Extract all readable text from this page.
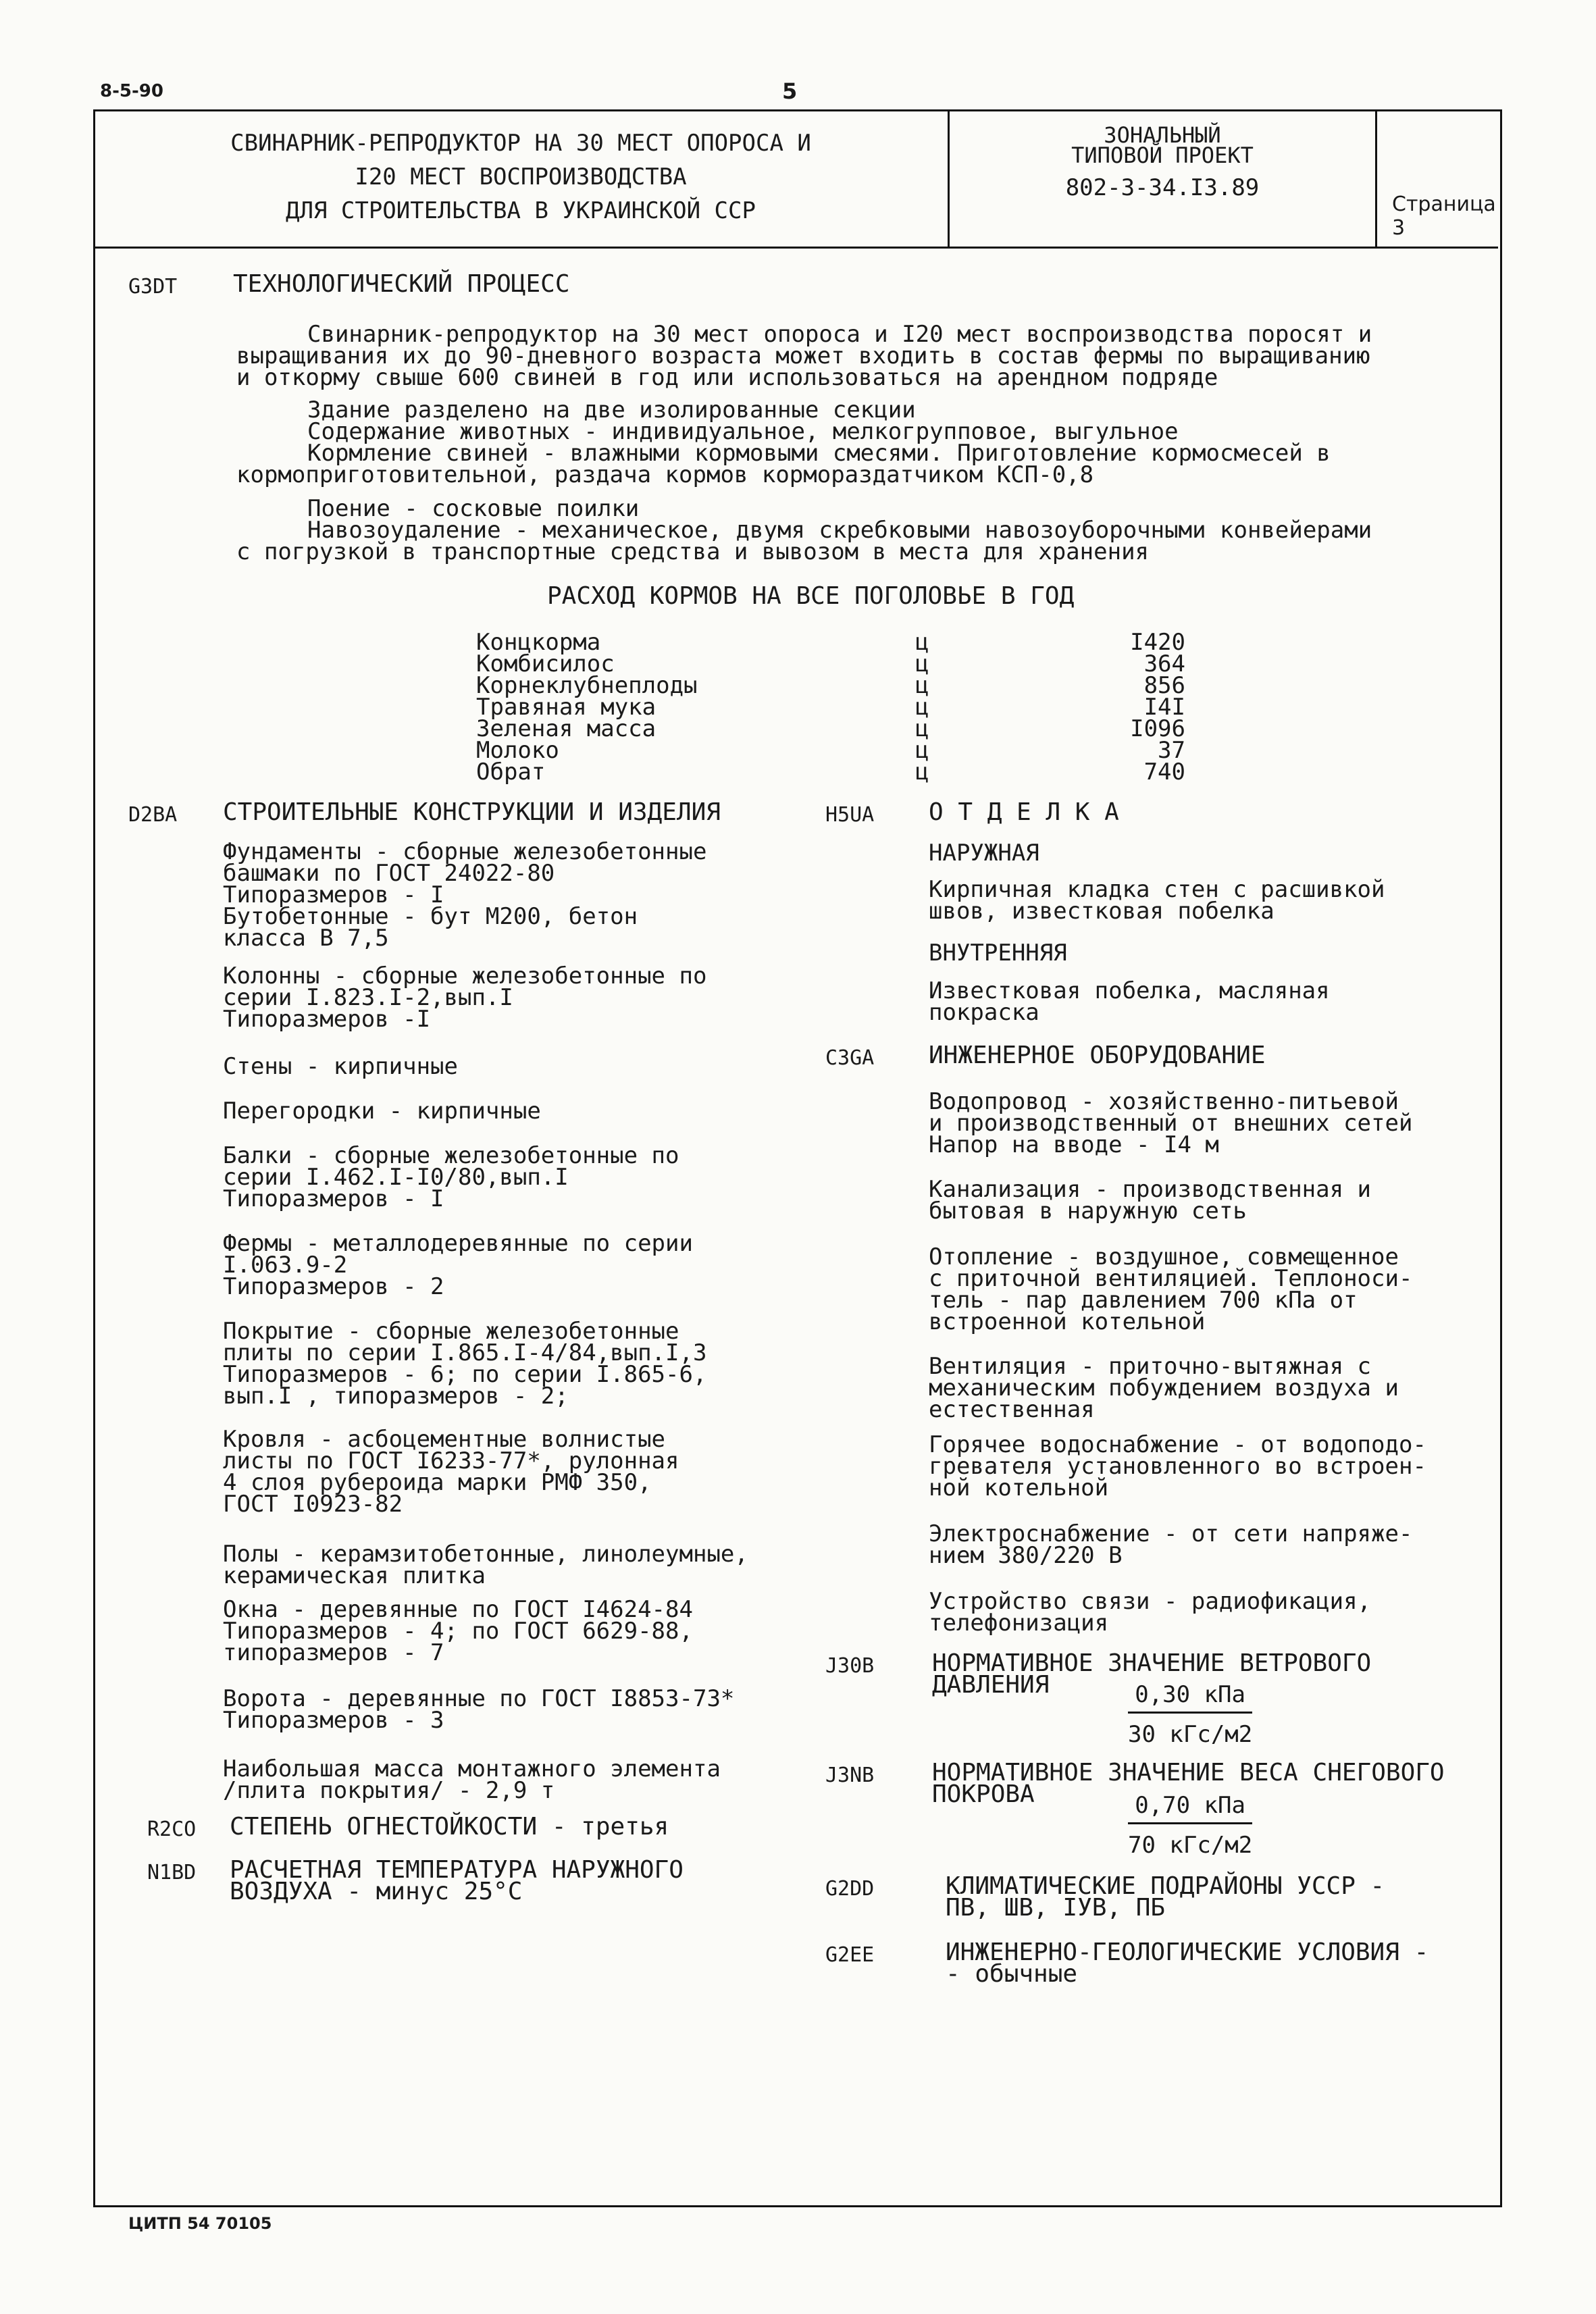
8-5-90	5
СВИНАРНИК-РЕПРОДУКТОР НА 30 МЕСТ ОПОРОСА И
I20 МЕСТ ВОСПРОИЗВОДСТВА
ДЛЯ СТРОИТЕЛЬСТВА В УКРАИНСКОЙ ССР
ЗОНАЛЬНЫЙ
ТИПОВОЙ ПРОЕКТ
802-3-34.I3.89
Страница 3
G3DT ТЕХНОЛОГИЧЕСКИЙ ПРОЦЕСС
Свинарник-репродуктор на 30 мест опороса и I20 мест воспроизводства поросят и
выращивания их до 90-дневного возраста может входить в состав фермы по выращиванию
и откорму свыше 600 свиней в год или использоваться на арендном подряде
Здание разделено на две изолированные секции
Содержание животных - индивидуальное, мелкогрупповое, выгульное
Кормление свиней - влажными кормовыми смесями. Приготовление кормосмесей в
кормоприготовительной, раздача кормов кормораздатчиком КСП-0,8
Поение - сосковые поилки
Навозоудаление - механическое, двумя скребковыми навозоуборочными конвейерами
с погрузкой в транспортные средства и вывозом в места для хранения
РАСХОД КОРМОВ НА ВСЕ ПОГОЛОВЬЕ В ГОД
Концкорма	ц	I420
Комбисилос	ц	364
Корнеклубнеплоды	ц	856
Травяная мука	ц	I4I
Зеленая масса	ц	I096
Молоко	ц	37
Обрат	ц	740
D2BA СТРОИТЕЛЬНЫЕ КОНСТРУКЦИИ И ИЗДЕЛИЯ
Фундаменты - сборные железобетонные
башмаки по ГОСТ 24022-80
Типоразмеров - I
Бутобетонные - бут М200, бетон
класса В 7,5
Колонны - сборные железобетонные по
серии I.823.I-2,вып.I
Типоразмеров -I
Стены - кирпичные
Перегородки - кирпичные
Балки - сборные железобетонные по
серии I.462.I-I0/80,вып.I
Типоразмеров - I
Фермы - металлодеревянные по серии
I.063.9-2
Типоразмеров - 2
Покрытие - сборные железобетонные
плиты по серии I.865.I-4/84,вып.I,3
Типоразмеров - 6; по серии I.865-6,
вып.I , типоразмеров - 2;
Кровля - асбоцементные волнистые
листы по ГОСТ I6233-77*, рулонная
4 слоя рубероида марки РМФ 350,
ГОСТ I0923-82
Полы - керамзитобетонные, линолеумные,
керамическая плитка
Окна - деревянные по ГОСТ I4624-84
Типоразмеров - 4; по ГОСТ 6629-88,
типоразмеров - 7
Ворота - деревянные по ГОСТ I8853-73*
Типоразмеров - 3
Наибольшая масса монтажного элемента
/плита покрытия/ - 2,9 т
R2CO СТЕПЕНЬ ОГНЕСТОЙКОСТИ - третья
N1BD РАСЧЕТНАЯ ТЕМПЕРАТУРА НАРУЖНОГО
ВОЗДУХА - минус 25°С
H5UA О Т Д Е Л К А
НАРУЖНАЯ
Кирпичная кладка стен с расшивкой
швов, известковая побелка
ВНУТРЕННЯЯ
Известковая побелка, масляная
покраска
C3GA ИНЖЕНЕРНОЕ ОБОРУДОВАНИЕ
Водопровод - хозяйственно-питьевой
и производственный от внешних сетей
Напор на вводе - I4 м
Канализация - производственная и
бытовая в наружную сеть
Отопление - воздушное, совмещенное
с приточной вентиляцией. Теплоноси-
тель - пар давлением 700 кПа от
встроенной котельной
Вентиляция - приточно-вытяжная с
механическим побуждением воздуха и
естественная
Горячее водоснабжение - от водоподо-
гревателя установленного во встроен-
ной котельной
Электроснабжение - от сети напряже-
нием 380/220 В
Устройство связи - радиофикация,
телефонизация
J30B НОРМАТИВНОЕ ЗНАЧЕНИЕ ВЕТРОВОГО
ДАВЛЕНИЯ	0,30 кПа
30 кГс/м2
J3NB НОРМАТИВНОЕ ЗНАЧЕНИЕ ВЕСА СНЕГОВОГО
ПОКРОВА	0,70 кПа
70 кГс/м2
G2DD	КЛИМАТИЧЕСКИЕ ПОДРАЙОНЫ УССР -
ПВ, ШВ, IУВ, ПБ
G2EE	ИНЖЕНЕРНО-ГЕОЛОГИЧЕСКИЕ УСЛОВИЯ -
- обычные
ЦИТП 54 70105
